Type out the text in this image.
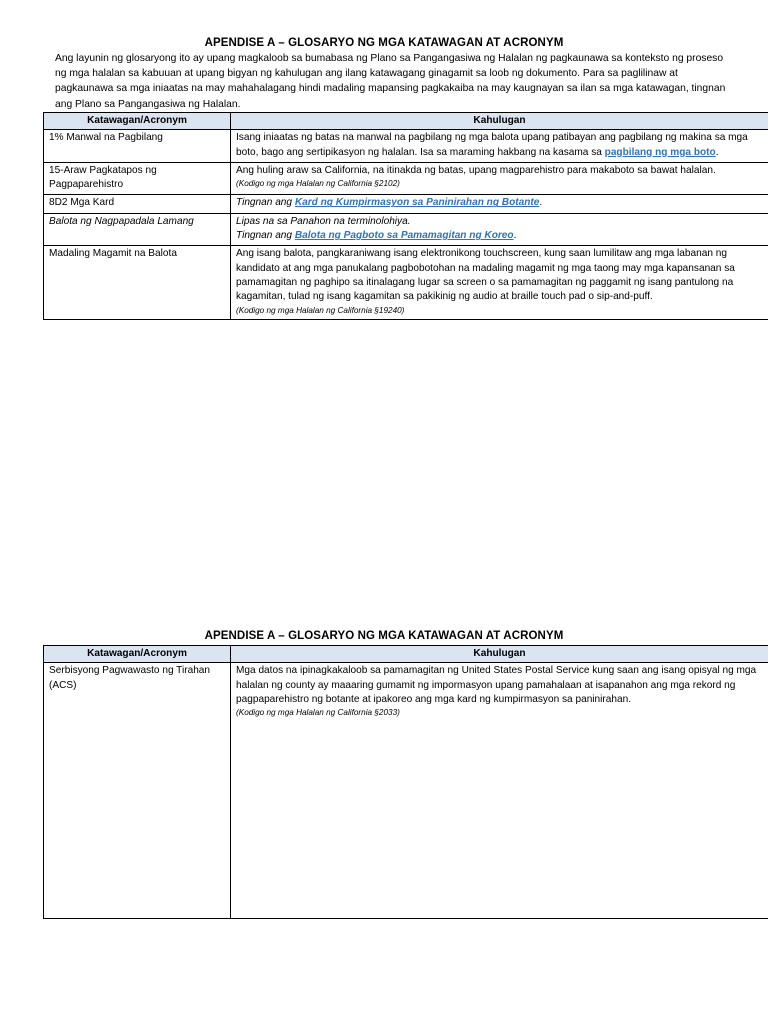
APENDISE A – GLOSARYO NG MGA KATAWAGAN AT ACRONYM
Ang layunin ng glosaryong ito ay upang magkaloob sa bumabasa ng Plano sa Pangangasiwa ng Halalan ng pagkaunawa sa konteksto ng proseso ng mga halalan sa kabuuan at upang bigyan ng kahulugan ang ilang katawagang ginagamit sa loob ng dokumento. Para sa paglilinaw at pagkaunawa sa mga iniaatas na may mahahalagang hindi madaling mapansing pagkakaiba na may kaugnayan sa ilan sa mga katawagan, tingnan ang Plano sa Pangangasiwa ng Halalan.
Katawagan/Acronym	Kahulugan
1% Manwal na Pagbilang	Isang iniaatas ng batas na manwal na pagbilang ng mga balota upang patibayan ang pagbilang ng makina sa mga boto, bago ang sertipikasyon ng halalan. Isa sa maraming hakbang na kasama sa pagbilang ng mga boto.
15-Araw Pagkatapos ng Pagpaparehistro	Ang huling araw sa California, na itinakda ng batas, upang magparehistro para makaboto sa bawat halalan.
(Kodigo ng mga Halalan ng California §2102)

8D2 Mga Kard	Tingnan ang Kard ng Kumpirmasyon sa Paninirahan ng Botante.
Balota ng Nagpapadala Lamang	Lipas na sa Panahon na terminolohiya.
Tingnan ang Balota ng Pagboto sa Pamamagitan ng Koreo.
Madaling Magamit na Balota	Ang isang balota, pangkaraniwang isang elektronikong touchscreen, kung saan lumilitaw ang mga labanan ng kandidato at ang mga panukalang pagbobotohan na madaling magamit ng mga taong may mga kapansanan sa pamamagitan ng paghipo sa itinalagang lugar sa screen o sa pamamagitan ng paggamit ng isang pantulong na kagamitan, tulad ng isang kagamitan sa pakikinig ng audio at braille touch pad o sip-and-puff.
(Kodigo ng mga Halalan ng California §19240)
APENDISE A – GLOSARYO NG MGA KATAWAGAN AT ACRONYM
Katawagan/Acronym	Kahulugan
Serbisyong Pagwawasto ng Tirahan (ACS)	Mga datos na ipinagkakaloob sa pamamagitan ng United States Postal Service kung saan ang isang opisyal ng mga halalan ng county ay maaaring gumamit ng impormasyon upang pamahalaan at isapanahon ang mga rekord ng pagpaparehistro ng botante at ipakoreo ang mga kard ng kumpirmasyon sa paninirahan.
(Kodigo ng mga Halalan ng California §2033)
